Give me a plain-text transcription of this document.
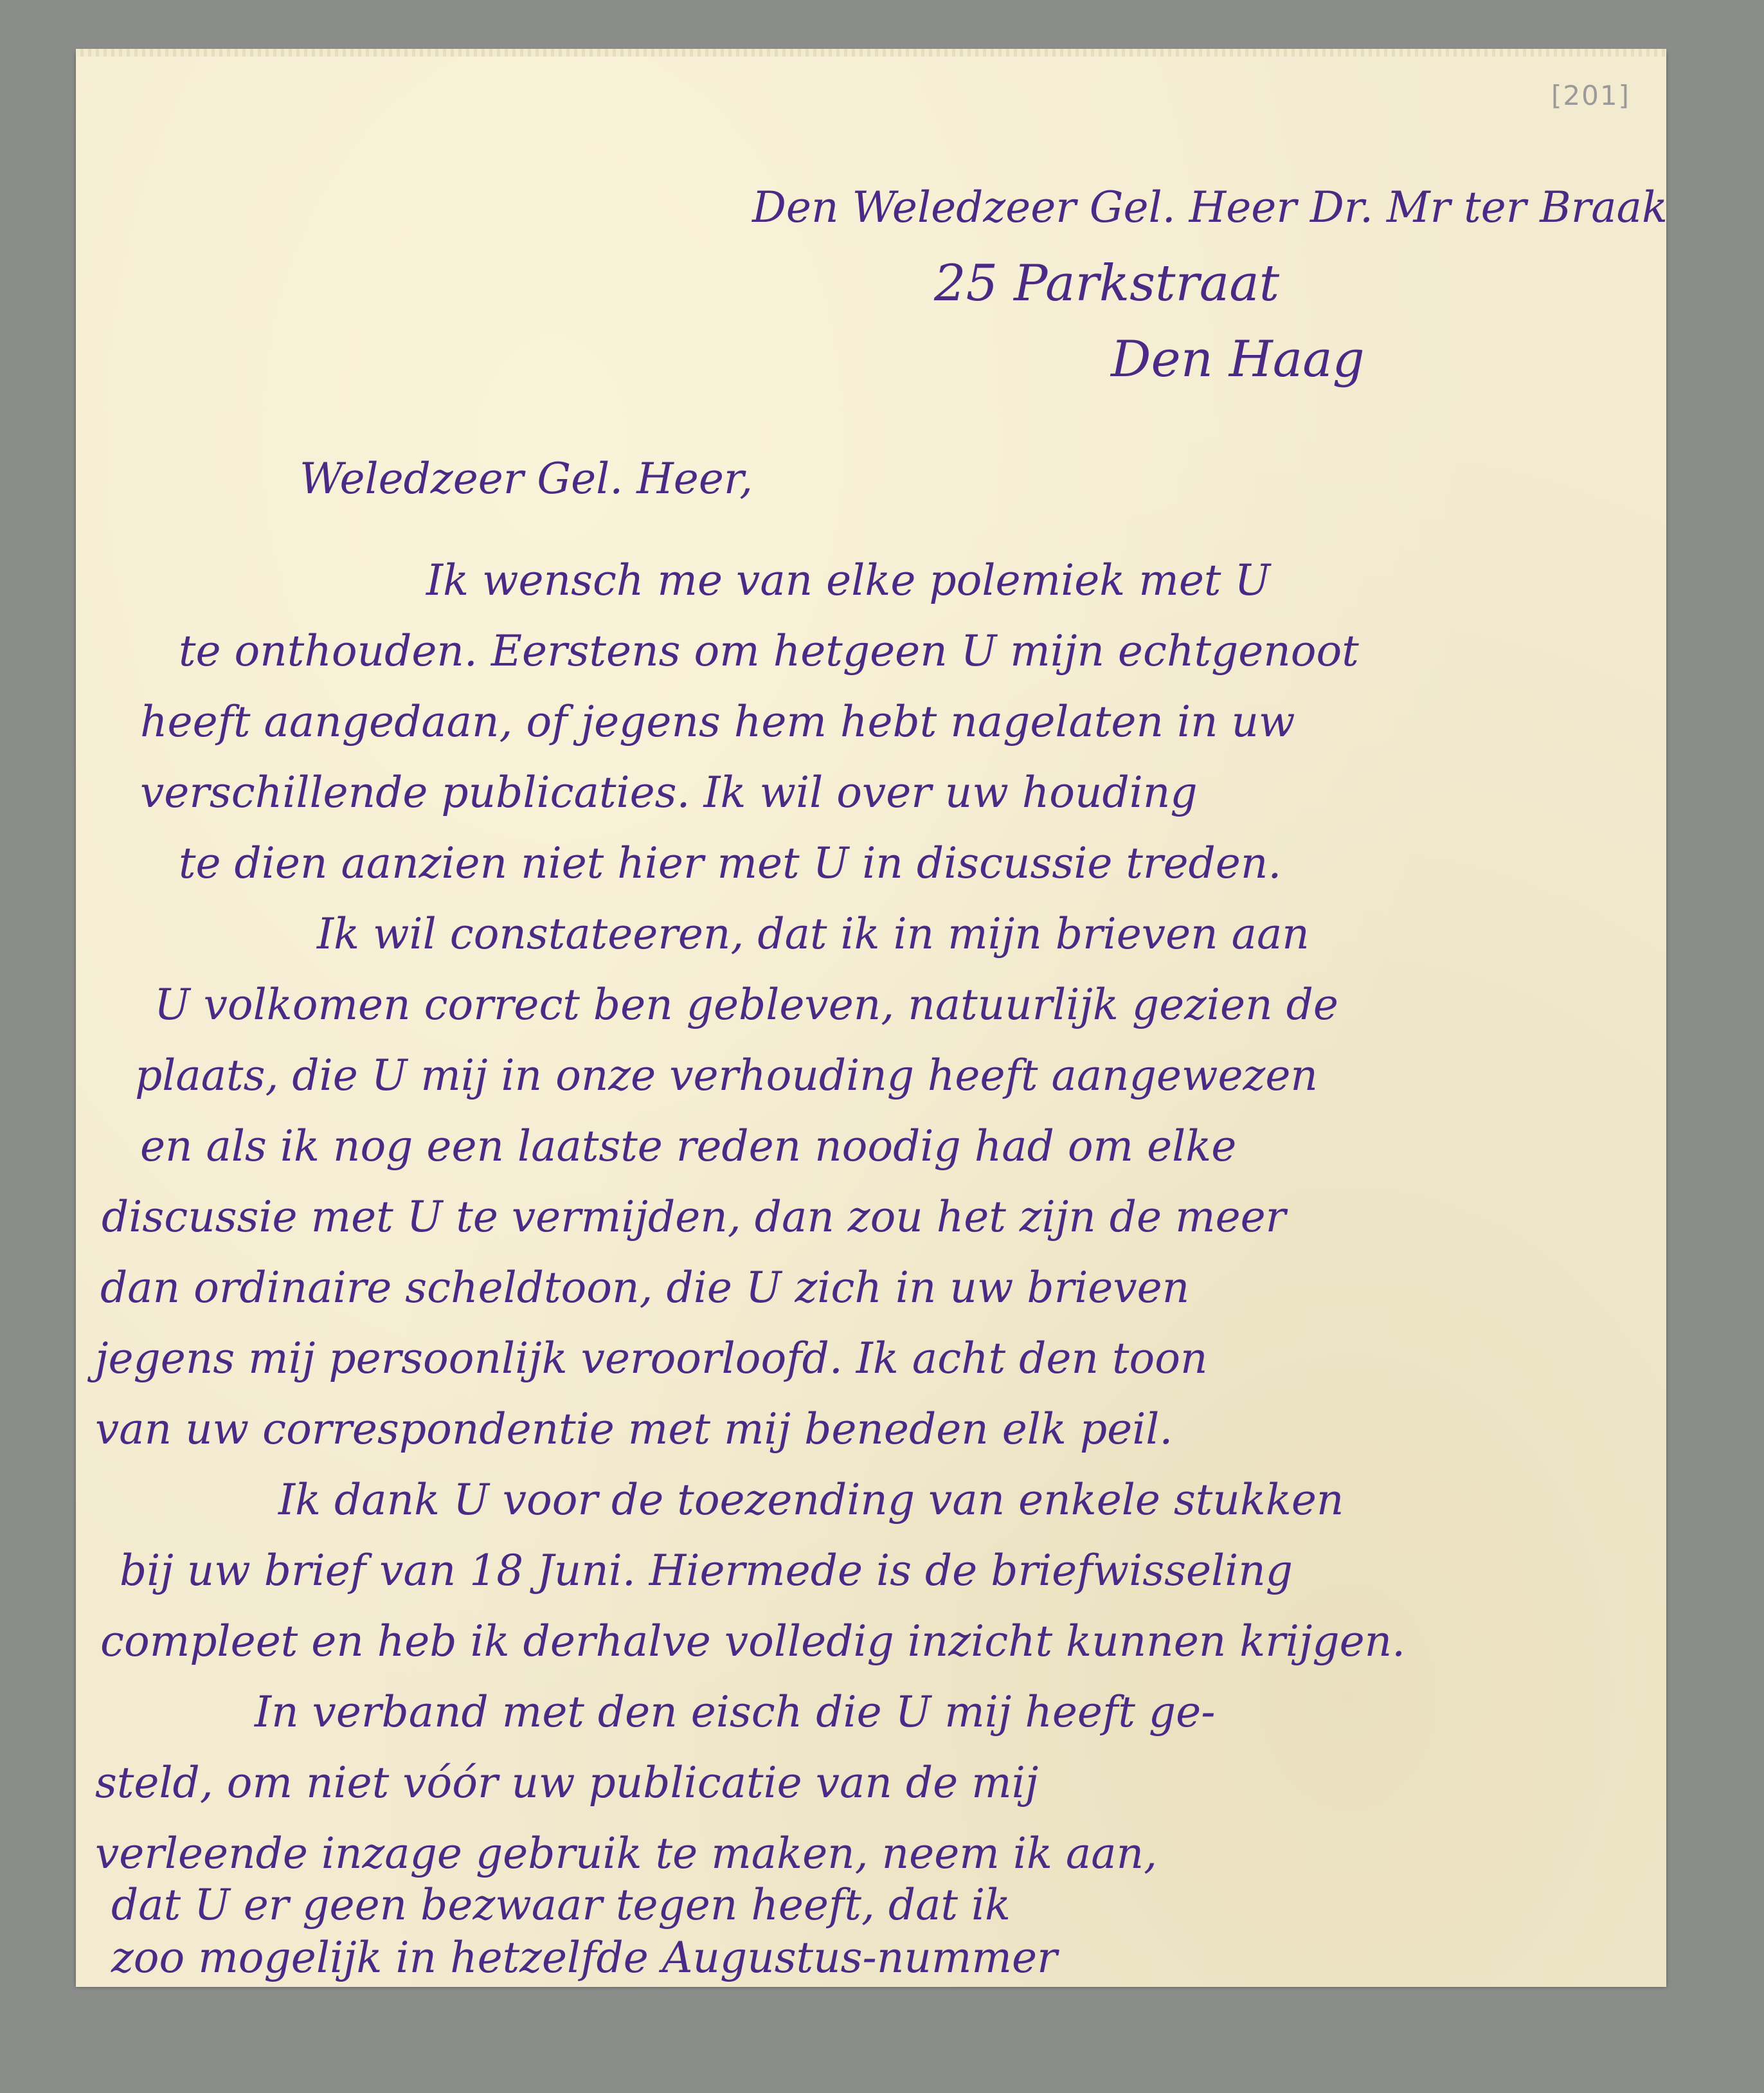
[201]
Den Weledzeer Gel. Heer Dr. Mr ter Braak
25 Parkstraat
Den Haag
Weledzeer Gel. Heer,
Ik wensch me van elke polemiek met U
te onthouden. Eerstens om hetgeen U mijn echtgenoot
heeft aangedaan, of jegens hem hebt nagelaten in uw
verschillende publicaties. Ik wil over uw houding
te dien aanzien niet hier met U in discussie treden.
Ik wil constateeren, dat ik in mijn brieven aan
U volkomen correct ben gebleven, natuurlijk gezien de
plaats, die U mij in onze verhouding heeft aangewezen
en als ik nog een laatste reden noodig had om elke
discussie met U te vermijden, dan zou het zijn de meer
dan ordinaire scheldtoon, die U zich in uw brieven
jegens mij persoonlijk veroorloofd. Ik acht den toon
van uw correspondentie met mij beneden elk peil.
Ik dank U voor de toezending van enkele stukken
bij uw brief van 18 Juni. Hiermede is de briefwisseling
compleet en heb ik derhalve volledig inzicht kunnen krijgen.
In verband met den eisch die U mij heeft ge-
steld, om niet vóór uw publicatie van de mij
verleende inzage gebruik te maken, neem ik aan,
dat U er geen bezwaar tegen heeft, dat ik
zoo mogelijk in hetzelfde Augustus-nummer
